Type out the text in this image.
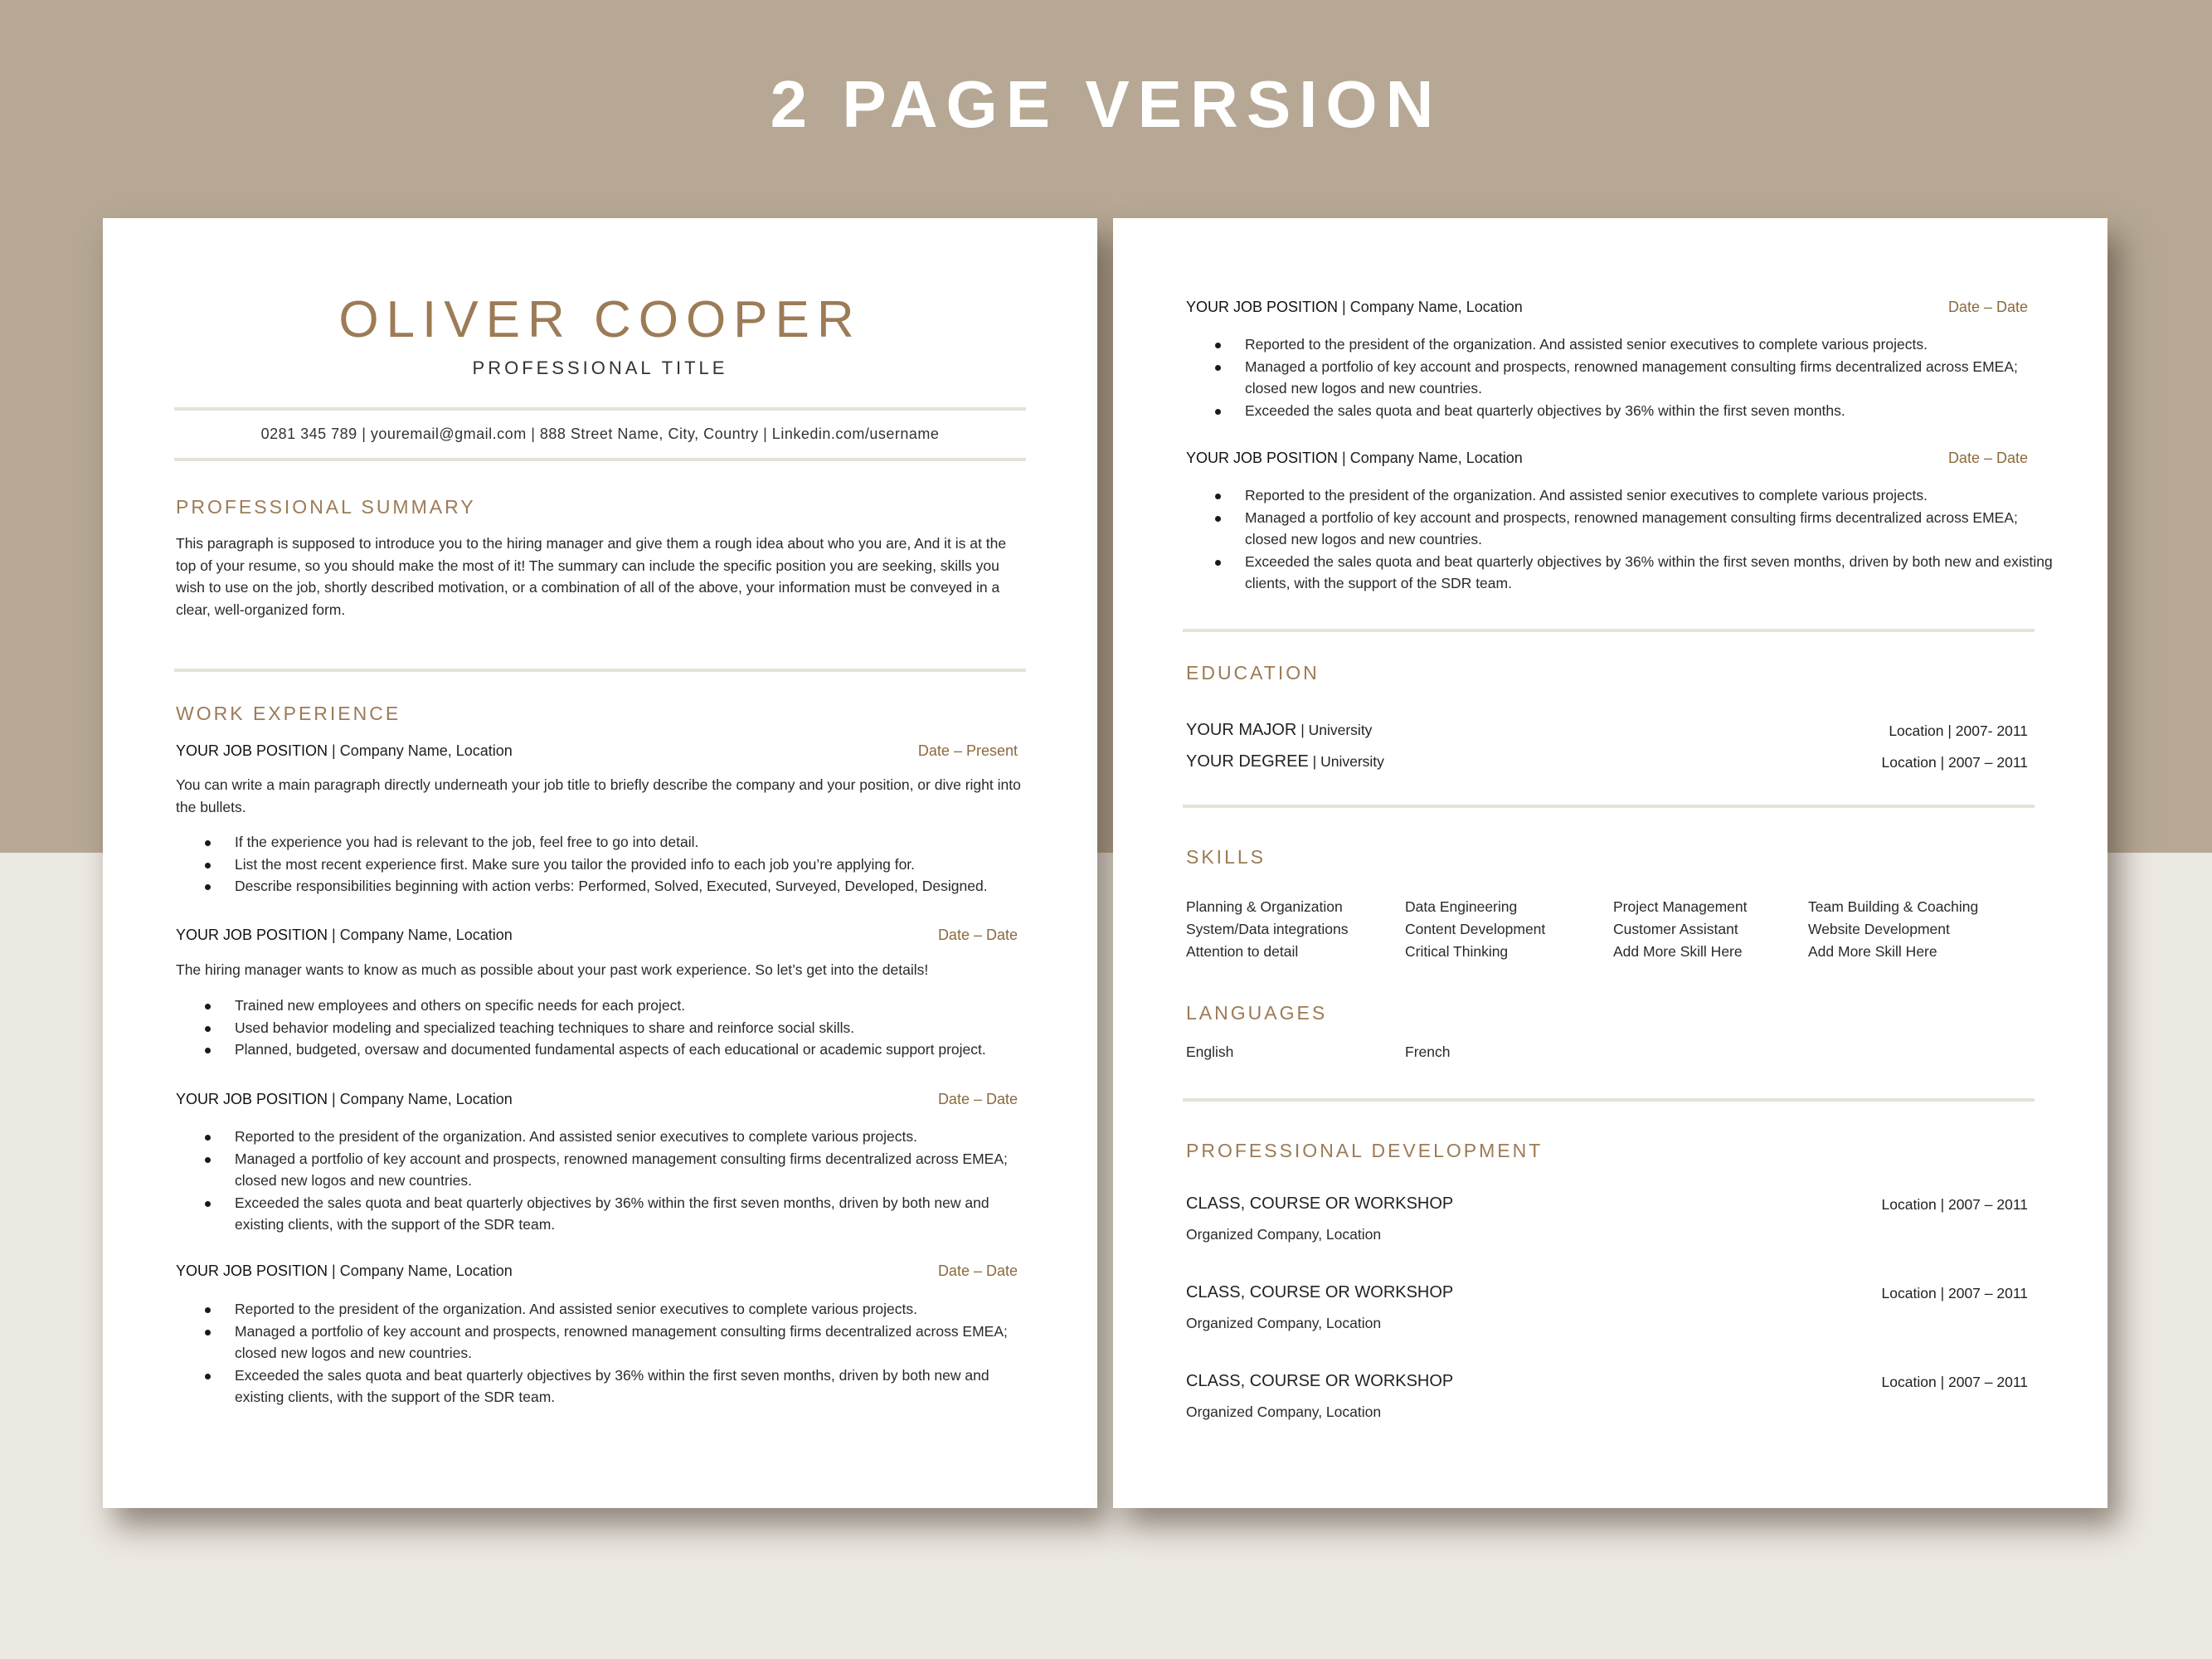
2 PAGE VERSION
OLIVER COOPER
PROFESSIONAL TITLE
0281 345 789 | youremail@gmail.com | 888 Street Name, City, Country | Linkedin.com/username
PROFESSIONAL SUMMARY
This paragraph is supposed to introduce you to the hiring manager and give them a rough idea about who you are, And it is at the top of your resume, so you should make the most of it! The summary can include the specific position you are seeking, skills you wish to use on the job, shortly described motivation, or a combination of all of the above, your information must be conveyed in a clear, well-organized form.
WORK EXPERIENCE
YOUR JOB POSITION | Company Name, Location	Date – Present
You can write a main paragraph directly underneath your job title to briefly describe the company and your position, or dive right into the bullets.
If the experience you had is relevant to the job, feel free to go into detail.
List the most recent experience first. Make sure you tailor the provided info to each job you’re applying for.
Describe responsibilities beginning with action verbs: Performed, Solved, Executed, Surveyed, Developed, Designed.
YOUR JOB POSITION | Company Name, Location	Date – Date
The hiring manager wants to know as much as possible about your past work experience. So let’s get into the details!
Trained new employees and others on specific needs for each project.
Used behavior modeling and specialized teaching techniques to share and reinforce social skills.
Planned, budgeted, oversaw and documented fundamental aspects of each educational or academic support project.
YOUR JOB POSITION | Company Name, Location	Date – Date
Reported to the president of the organization. And assisted senior executives to complete various projects.
Managed a portfolio of key account and prospects, renowned management consulting firms decentralized across EMEA; closed new logos and new countries.
Exceeded the sales quota and beat quarterly objectives by 36% within the first seven months, driven by both new and existing clients, with the support of the SDR team.
YOUR JOB POSITION | Company Name, Location	Date – Date
Reported to the president of the organization. And assisted senior executives to complete various projects.
Managed a portfolio of key account and prospects, renowned management consulting firms decentralized across EMEA; closed new logos and new countries.
Exceeded the sales quota and beat quarterly objectives by 36% within the first seven months, driven by both new and existing clients, with the support of the SDR team.
YOUR JOB POSITION | Company Name, Location	Date – Date
Reported to the president of the organization. And assisted senior executives to complete various projects.
Managed a portfolio of key account and prospects, renowned management consulting firms decentralized across EMEA; closed new logos and new countries.
Exceeded the sales quota and beat quarterly objectives by 36% within the first seven months.
YOUR JOB POSITION | Company Name, Location	Date – Date
Reported to the president of the organization. And assisted senior executives to complete various projects.
Managed a portfolio of key account and prospects, renowned management consulting firms decentralized across EMEA; closed new logos and new countries.
Exceeded the sales quota and beat quarterly objectives by 36% within the first seven months, driven by both new and existing clients, with the support of the SDR team.
EDUCATION
YOUR MAJOR | University	Location | 2007- 2011
YOUR DEGREE | University	Location | 2007 – 2011
SKILLS
Planning & Organization	Data Engineering	Project Management	Team Building & Coaching
System/Data integrations	Content Development	Customer Assistant	Website Development
Attention to detail	Critical Thinking	Add More Skill Here	Add More Skill Here
LANGUAGES
English	French
PROFESSIONAL DEVELOPMENT
CLASS, COURSE OR WORKSHOP	Location | 2007 – 2011
Organized Company, Location
CLASS, COURSE OR WORKSHOP	Location | 2007 – 2011
Organized Company, Location
CLASS, COURSE OR WORKSHOP	Location | 2007 – 2011
Organized Company, Location
